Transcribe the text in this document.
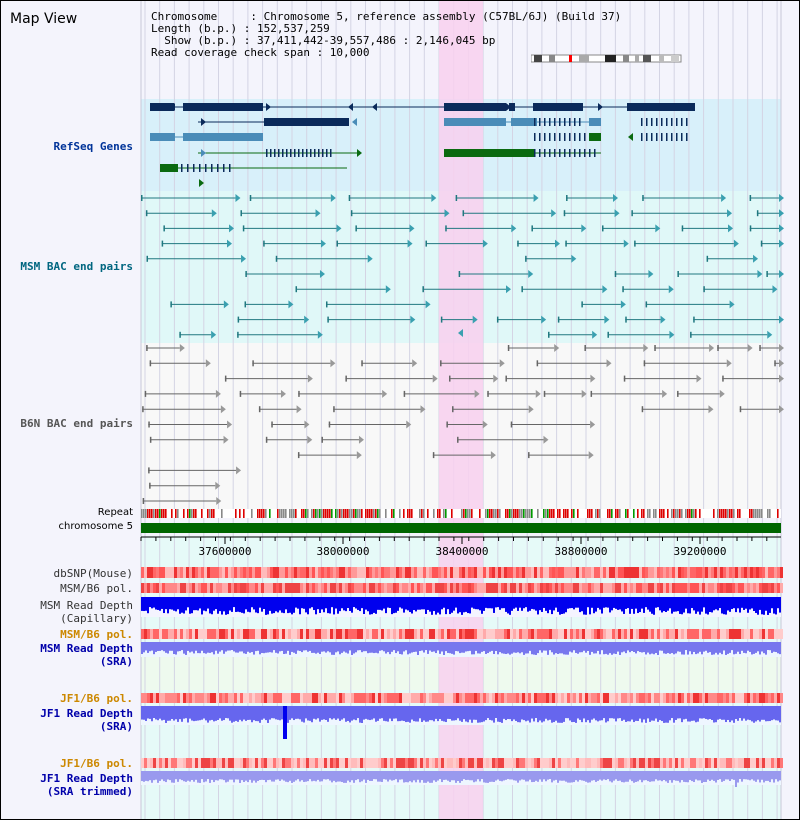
37600000	38000000	38400000	38800000	39200000
Map View	Chromosome     : Chromosome 5, reference assembly (C57BL/6J) (Build 37)
Length (b.p.) : 152,537,259
Show (b.p.) : 37,411,442-39,557,486 : 2,146,045 bp
Read coverage check span : 10,000
RefSeq Genes
MSM BAC end pairs
B6N BAC end pairs
Repeat
chromosome 5
dbSNP(Mouse)
MSM/B6 pol.
MSM Read Depth
(Capillary)
MSM/B6 pol.
MSM Read Depth
(SRA)
JF1/B6 pol.
JF1 Read Depth
(SRA)
JF1/B6 pol.
JF1 Read Depth
(SRA trimmed)
